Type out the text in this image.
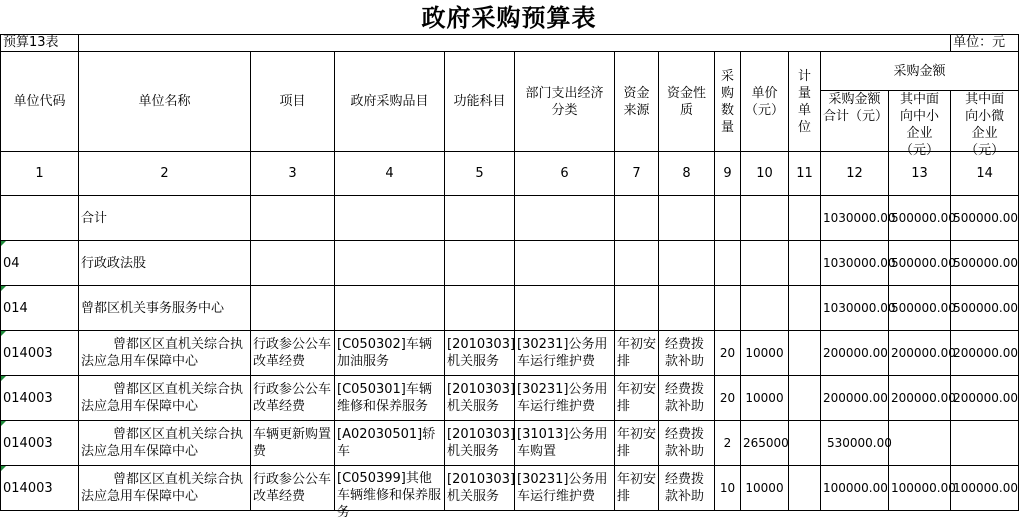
政府采购预算表
预算13表													单位：元
单位代码	单位名称	项目	政府采购品目	功能科目	部门支出经济分类	资金来源	资金性质	采购数量	单价（元）	计量单位	采购金额		

											采购金额合计（元）	其中面向中小企业（元）	其中面向小微企业（元）

1	2	3	4	5	6	7	8	9	10	11	12	13	14
	合计										1030000.00	500000.00	500000.00
04	行政政法股										1030000.00	500000.00	500000.00
014	曾都区机关事务服务中心										1030000.00	500000.00	500000.00
014003	曾都区区直机关综合执法应急用车保障中心	行政参公公车改革经费	[C050302]车辆加油服务	[2010303]机关服务	[30231]公务用车运行维护费	年初安排	经费拨款补助	20	10000		200000.00	200000.00	200000.00
014003	曾都区区直机关综合执法应急用车保障中心	行政参公公车改革经费	[C050301]车辆维修和保养服务	[2010303]机关服务	[30231]公务用车运行维护费	年初安排	经费拨款补助	20	10000		200000.00	200000.00	200000.00
014003	曾都区区直机关综合执法应急用车保障中心	车辆更新购置费	[A02030501]轿车	[2010303]机关服务	[31013]公务用车购置	年初安排	经费拨款补助	2	265000		530000.00		
014003	曾都区区直机关综合执法应急用车保障中心	行政参公公车改革经费	[C050399]其他车辆维修和保养服务	[2010303]机关服务	[30231]公务用车运行维护费	年初安排	经费拨款补助	10	10000		100000.00	100000.00	100000.00
